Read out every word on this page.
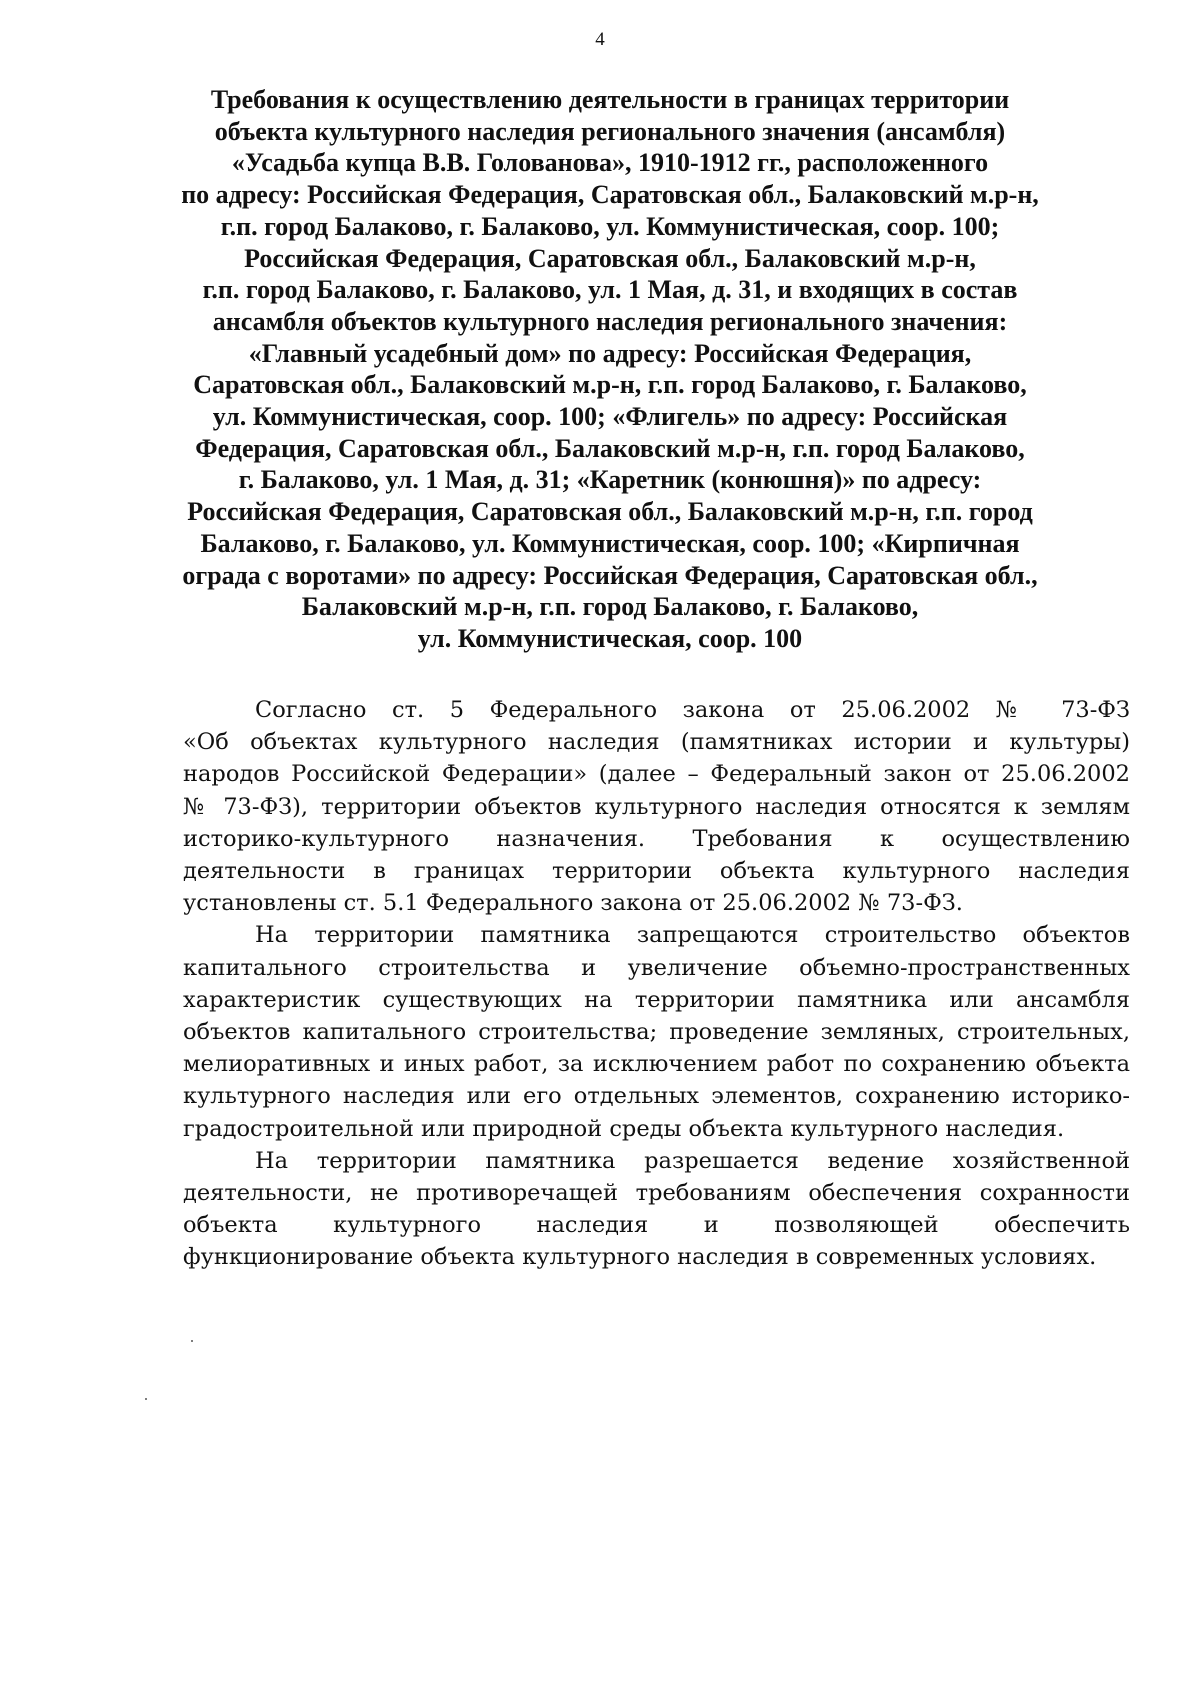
4
Требования к осуществлению деятельности в границах территории
объекта культурного наследия регионального значения (ансамбля)
«Усадьба купца В.В. Голованова», 1910-1912 гг., расположенного
по адресу: Российская Федерация, Саратовская обл., Балаковский м.р-н,
г.п. город Балаково, г. Балаково, ул. Коммунистическая, соор. 100;
Российская Федерация, Саратовская обл., Балаковский м.р-н,
г.п. город Балаково, г. Балаково, ул. 1 Мая, д. 31, и входящих в состав
ансамбля объектов культурного наследия регионального значения:
«Главный усадебный дом» по адресу: Российская Федерация,
Саратовская обл., Балаковский м.р-н, г.п. город Балаково, г. Балаково,
ул. Коммунистическая, соор. 100; «Флигель» по адресу: Российская
Федерация, Саратовская обл., Балаковский м.р-н, г.п. город Балаково,
г. Балаково, ул. 1 Мая, д. 31; «Каретник (конюшня)» по адресу:
Российская Федерация, Саратовская обл., Балаковский м.р-н, г.п. город
Балаково, г. Балаково, ул. Коммунистическая, соор. 100; «Кирпичная
ограда с воротами» по адресу: Российская Федерация, Саратовская обл.,
Балаковский м.р-н, г.п. город Балаково, г. Балаково,
ул. Коммунистическая, соор. 100

Согласно ст. 5 Федерального закона от 25.06.2002 № 73-ФЗ
«Об объектах культурного наследия (памятниках истории и культуры)
народов Российской Федерации» (далее – Федеральный закон от 25.06.2002
№ 73-ФЗ), территории объектов культурного наследия относятся к землям
историко-культурного назначения. Требования к осуществлению
деятельности в границах территории объекта культурного наследия
установлены ст. 5.1 Федерального закона от 25.06.2002 № 73-ФЗ.

На территории памятника запрещаются строительство объектов
капитального строительства и увеличение объемно-пространственных
характеристик существующих на территории памятника или ансамбля
объектов капитального строительства; проведение земляных, строительных,
мелиоративных и иных работ, за исключением работ по сохранению объекта
культурного наследия или его отдельных элементов, сохранению историко-
градостроительной или природной среды объекта культурного наследия.

На территории памятника разрешается ведение хозяйственной
деятельности, не противоречащей требованиям обеспечения сохранности
объекта культурного наследия и позволяющей обеспечить
функционирование объекта культурного наследия в современных условиях.
